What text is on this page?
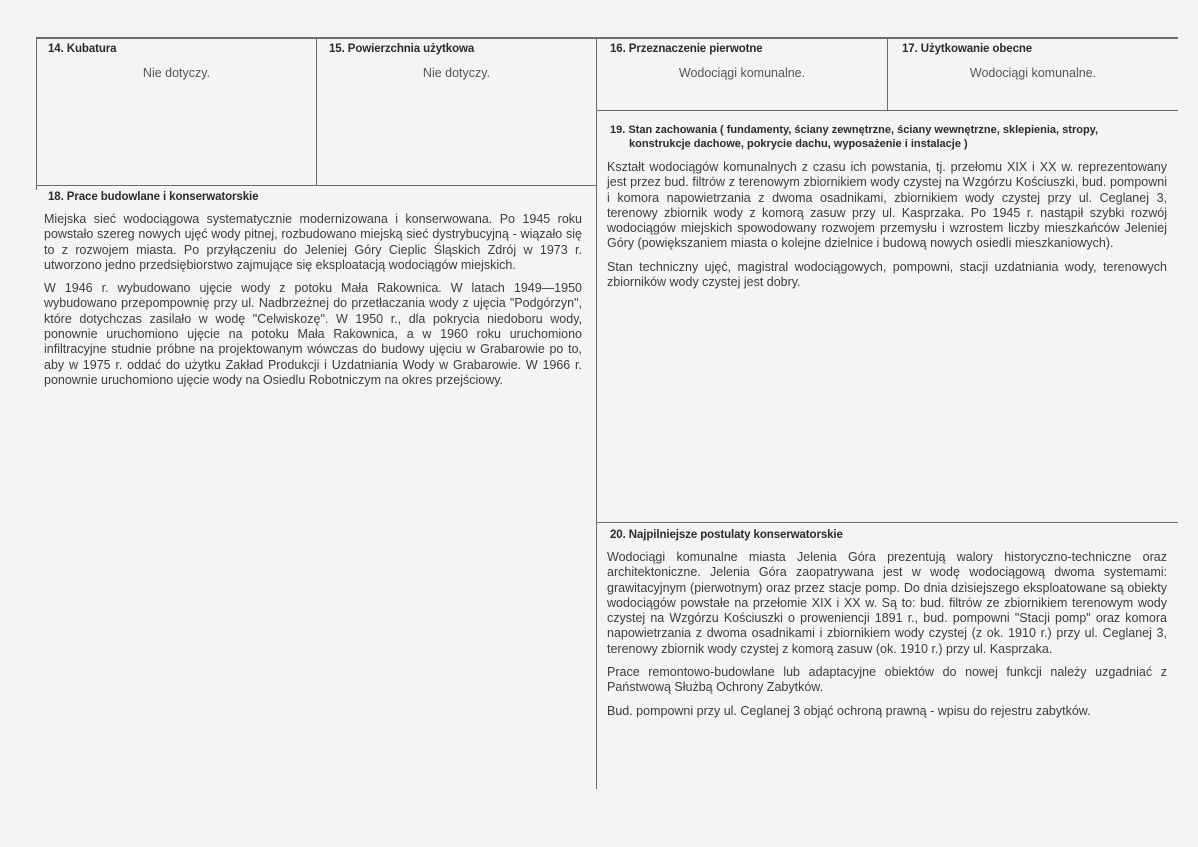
14. Kubatura
Nie dotyczy.
15. Powierzchnia użytkowa
Nie dotyczy.
16. Przeznaczenie pierwotne
Wodociągi komunalne.
17. Użytkowanie obecne
Wodociągi komunalne.
18. Prace budowlane i konserwatorskie

Miejska sieć wodociągowa systematycznie modernizowana i konserwowana. Po 1945 roku powstało szereg nowych ujęć wody pitnej, rozbudowano miejską sieć dystrybucyjną - wiązało się to z rozwojem miasta. Po przyłączeniu do Jeleniej Góry Cieplic Śląskich Zdrój w 1973 r. utworzono jedno przedsiębiorstwo zajmujące się eksploatacją wodociągów miejskich.

W 1946 r. wybudowano ujęcie wody z potoku Mała Rakownica. W latach 1949—1950 wybudowano przepompownię przy ul. Nadbrzeżnej do przetłaczania wody z ujęcia "Podgórzyn", które dotychczas zasilało w wodę "Celwiskozę". W 1950 r., dla pokrycia niedoboru wody, ponownie uruchomiono ujęcie na potoku Mała Rakownica, a w 1960 roku uruchomiono infiltracyjne studnie próbne na projektowanym wówczas do budowy ujęciu w Grabarowie po to, aby w 1975 r. oddać do użytku Zakład Produkcji i Uzdatniania Wody w Grabarowie. W 1966 r. ponownie uruchomiono ujęcie wody na Osiedlu Robotniczym na okres przejściowy.

19. Stan zachowania ( fundamenty, ściany zewnętrzne, ściany wewnętrzne, sklepienia, stropy,
konstrukcje dachowe, pokrycie dachu, wyposażenie i instalacje )

Kształt wodociągów komunalnych z czasu ich powstania, tj. przełomu XIX i XX w. reprezentowany jest przez bud. filtrów z terenowym zbiornikiem wody czystej na Wzgórzu Kościuszki, bud. pompowni i komora napowietrzania z dwoma osadnikami, zbiornikiem wody czystej przy ul. Ceglanej 3, terenowy zbiornik wody z komorą zasuw przy ul. Kasprzaka. Po 1945 r. nastąpił szybki rozwój wodociągów miejskich spowodowany rozwojem przemysłu i wzrostem liczby mieszkańców Jeleniej Góry (powiększaniem miasta o kolejne dzielnice i budową nowych osiedli mieszkaniowych).

Stan techniczny ujęć, magistral wodociągowych, pompowni, stacji uzdatniania wody, terenowych zbiorników wody czystej jest dobry.

20. Najpilniejsze postulaty konserwatorskie

Wodociągi komunalne miasta Jelenia Góra prezentują walory historyczno-techniczne oraz architektoniczne. Jelenia Góra zaopatrywana jest w wodę wodociągową dwoma systemami: grawitacyjnym (pierwotnym) oraz przez stacje pomp. Do dnia dzisiejszego eksploatowane są obiekty wodociągów powstałe na przełomie XIX i XX w. Są to: bud. filtrów ze zbiornikiem terenowym wody czystej na Wzgórzu Kościuszki o proweniencji 1891 r., bud. pompowni "Stacji pomp" oraz komora napowietrzania z dwoma osadnikami i zbiornikiem wody czystej (z ok. 1910 r.) przy ul. Ceglanej 3, terenowy zbiornik wody czystej z komorą zasuw (ok. 1910 r.) przy ul. Kasprzaka.

Prace remontowo-budowlane lub adaptacyjne obiektów do nowej funkcji należy uzgadniać z Państwową Służbą Ochrony Zabytków.

Bud. pompowni przy ul. Ceglanej 3 objąć ochroną prawną - wpisu do rejestru zabytków.
